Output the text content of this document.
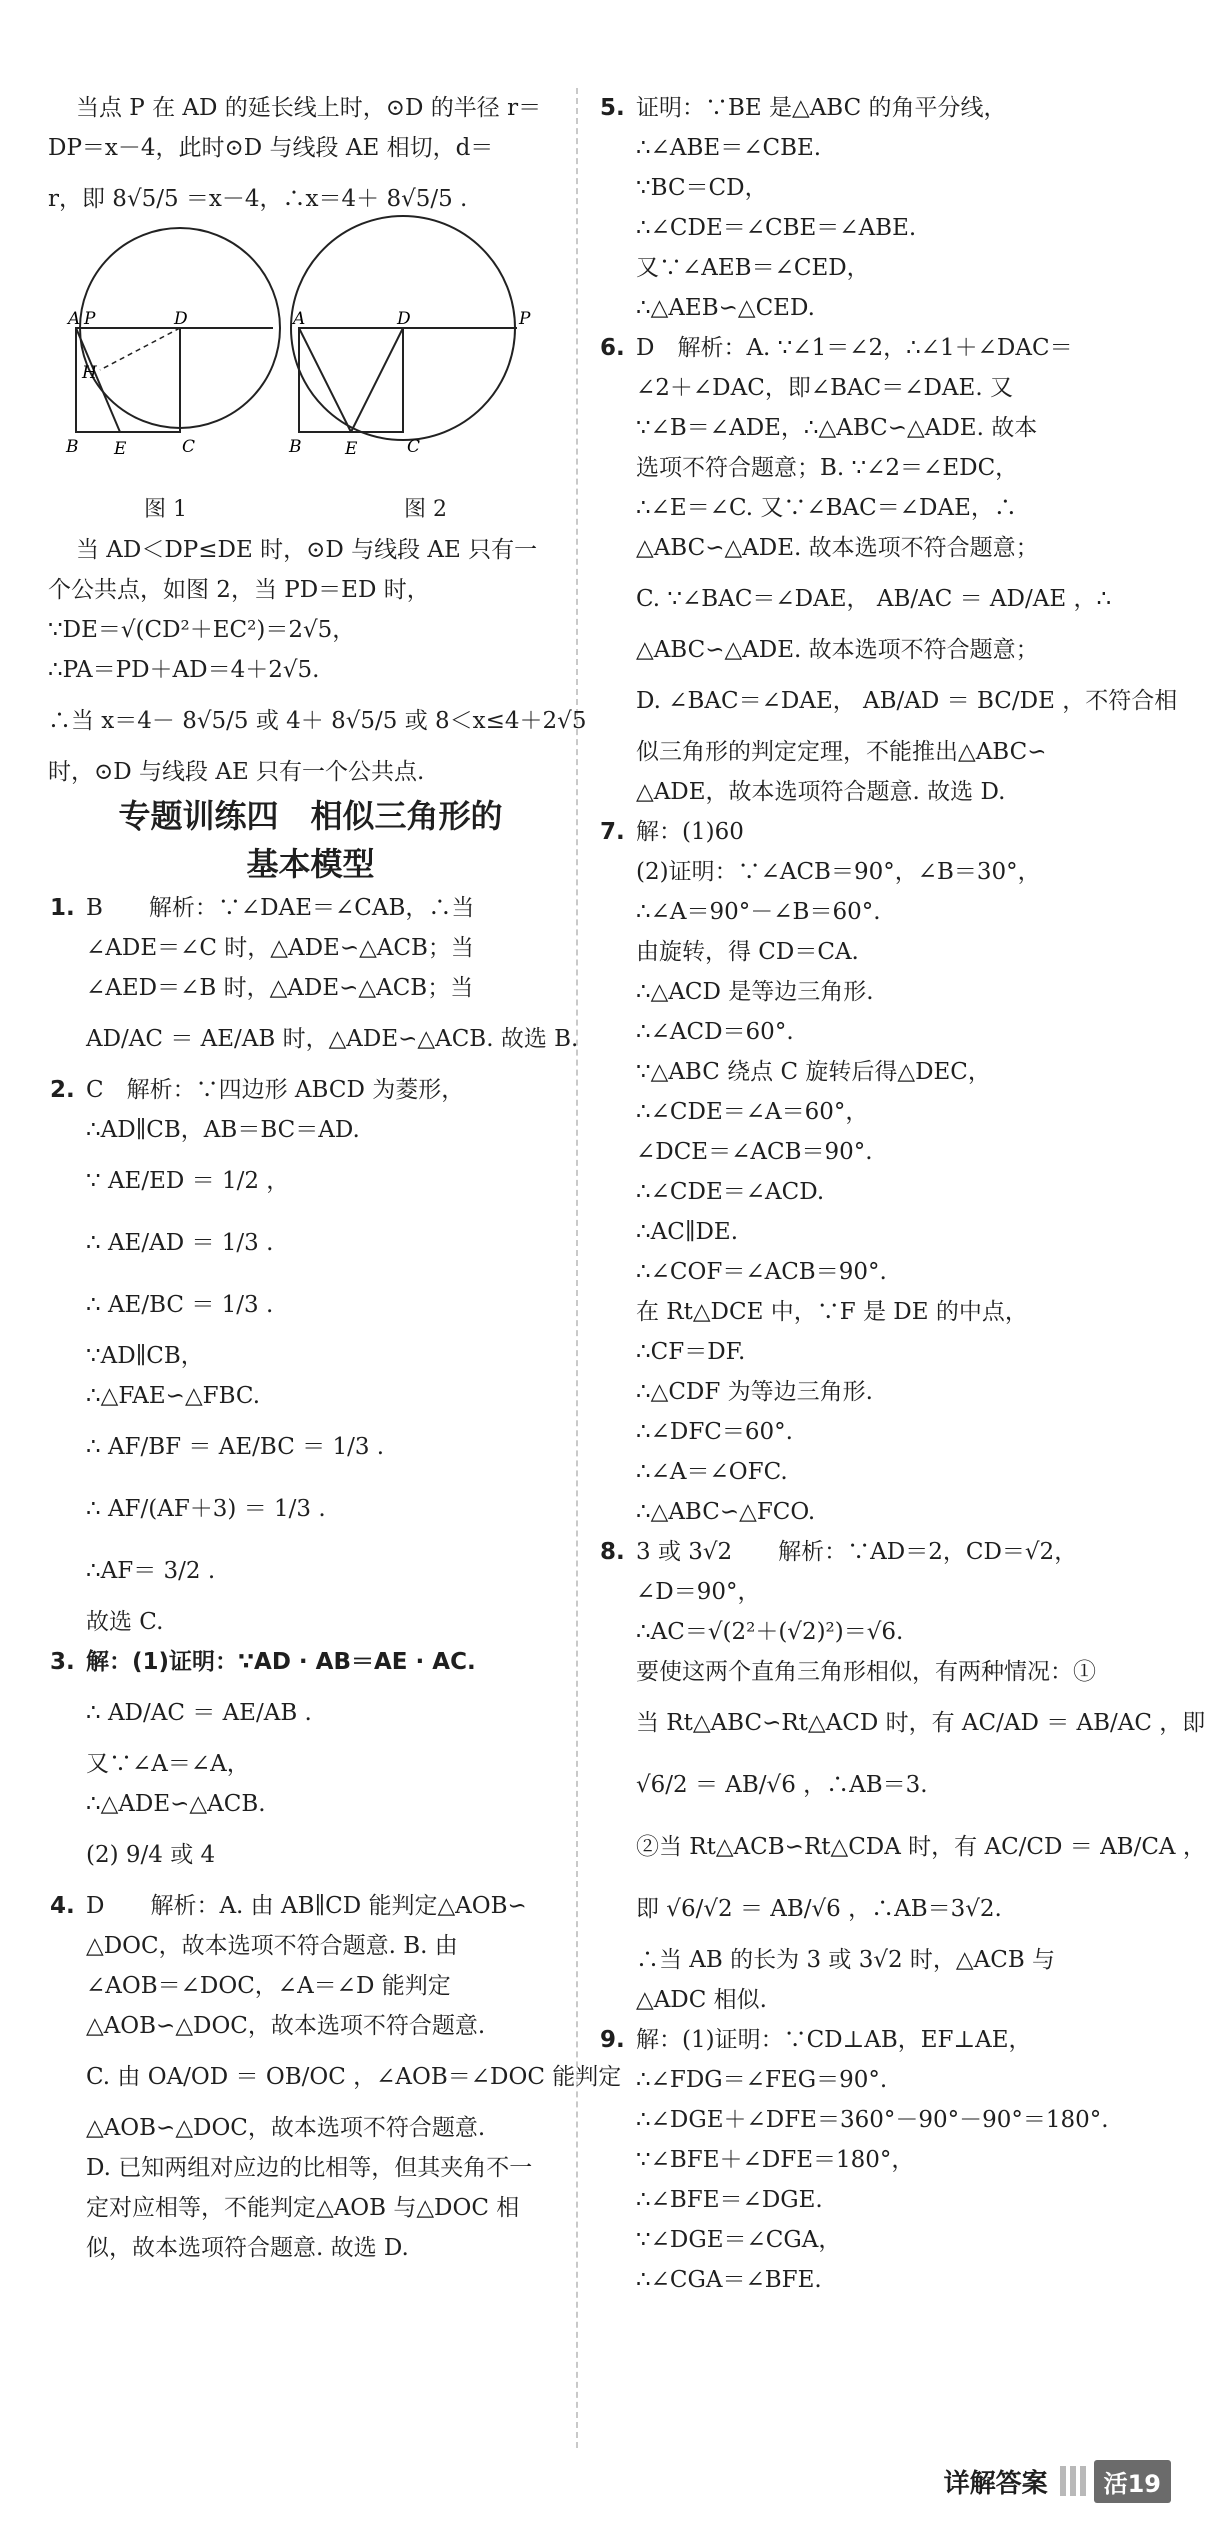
当点 P 在 AD 的延长线上时，⊙D 的半径 r＝
DP＝x－4，此时⊙D 与线段 AE 相切，d＝
r，即 8√5/5 ＝x－4，∴x＝4＋ 8√5/5 .
A P	D
H
B E	C
图 1
A	D	P
B	E	C
图 2
当 AD＜DP≤DE 时，⊙D 与线段 AE 只有一
个公共点，如图 2，当 PD＝ED 时，
∵DE＝√(CD²＋EC²)＝2√5，
∴PA＝PD＋AD＝4＋2√5.
∴当 x＝4－ 8√5/5 或 4＋ 8√5/5 或 8＜x≤4＋2√5
时，⊙D 与线段 AE 只有一个公共点.
专题训练四　相似三角形的
基本模型
1. B　　解析：∵∠DAE＝∠CAB，∴当
∠ADE＝∠C 时，△ADE∽△ACB；当
∠AED＝∠B 时，△ADE∽△ACB；当
AD/AC ＝ AE/AB 时，△ADE∽△ACB. 故选 B.
2. C　解析：∵四边形 ABCD 为菱形，
∴AD∥CB，AB＝BC＝AD.
∵ AE/ED ＝ 1/2 ，
∴ AE/AD ＝ 1/3 .
∴ AE/BC ＝ 1/3 .
∵AD∥CB，
∴△FAE∽△FBC.
∴ AF/BF ＝ AE/BC ＝ 1/3 .
∴ AF/(AF＋3) ＝ 1/3 .
∴AF＝ 3/2 .
故选 C.
3. 解：(1)证明：∵AD · AB＝AE · AC.
∴ AD/AC ＝ AE/AB .
又∵∠A＝∠A，
∴△ADE∽△ACB.
(2) 9/4 或 4
4. D　　解析：A. 由 AB∥CD 能判定△AOB∽
△DOC，故本选项不符合题意. B. 由
∠AOB＝∠DOC，∠A＝∠D 能判定
△AOB∽△DOC，故本选项不符合题意.
C. 由 OA/OD ＝ OB/OC ，∠AOB＝∠DOC 能判定
△AOB∽△DOC，故本选项不符合题意.
D. 已知两组对应边的比相等，但其夹角不一
定对应相等，不能判定△AOB 与△DOC 相
似，故本选项符合题意. 故选 D.
5. 证明：∵BE 是△ABC 的角平分线，
∴∠ABE＝∠CBE.
∵BC＝CD，
∴∠CDE＝∠CBE＝∠ABE.
又∵∠AEB＝∠CED，
∴△AEB∽△CED.
6. D　解析：A. ∵∠1＝∠2，∴∠1＋∠DAC＝
∠2＋∠DAC，即∠BAC＝∠DAE. 又
∵∠B＝∠ADE，∴△ABC∽△ADE. 故本
选项不符合题意；B. ∵∠2＝∠EDC，
∴∠E＝∠C. 又∵∠BAC＝∠DAE，∴
△ABC∽△ADE. 故本选项不符合题意；
C. ∵∠BAC＝∠DAE， AB/AC ＝ AD/AE ，∴
△ABC∽△ADE. 故本选项不符合题意；
D. ∠BAC＝∠DAE， AB/AD ＝ BC/DE ，不符合相
似三角形的判定定理，不能推出△ABC∽
△ADE，故本选项符合题意. 故选 D.
7. 解：(1)60
(2)证明：∵∠ACB＝90°，∠B＝30°，
∴∠A＝90°－∠B＝60°.
由旋转，得 CD＝CA.
∴△ACD 是等边三角形.
∴∠ACD＝60°.
∵△ABC 绕点 C 旋转后得△DEC，
∴∠CDE＝∠A＝60°，
∠DCE＝∠ACB＝90°.
∴∠CDE＝∠ACD.
∴AC∥DE.
∴∠COF＝∠ACB＝90°.
在 Rt△DCE 中，∵F 是 DE 的中点，
∴CF＝DF.
∴△CDF 为等边三角形.
∴∠DFC＝60°.
∴∠A＝∠OFC.
∴△ABC∽△FCO.
8. 3 或 3√2　　解析：∵AD＝2，CD＝√2，
∠D＝90°，
∴AC＝√(2²＋(√2)²)＝√6.
要使这两个直角三角形相似，有两种情况：①
当 Rt△ABC∽Rt△ACD 时，有 AC/AD ＝ AB/AC ，即
√6/2 ＝ AB/√6 ，∴AB＝3.
②当 Rt△ACB∽Rt△CDA 时，有 AC/CD ＝ AB/CA ，
即 √6/√2 ＝ AB/√6 ，∴AB＝3√2.
∴当 AB 的长为 3 或 3√2 时，△ACB 与
△ADC 相似.
9. 解：(1)证明：∵CD⊥AB，EF⊥AE，
∴∠FDG＝∠FEG＝90°.
∴∠DGE＋∠DFE＝360°－90°－90°＝180°.
∵∠BFE＋∠DFE＝180°，
∴∠BFE＝∠DGE.
∵∠DGE＝∠CGA，
∴∠CGA＝∠BFE.
详解答案	活19
